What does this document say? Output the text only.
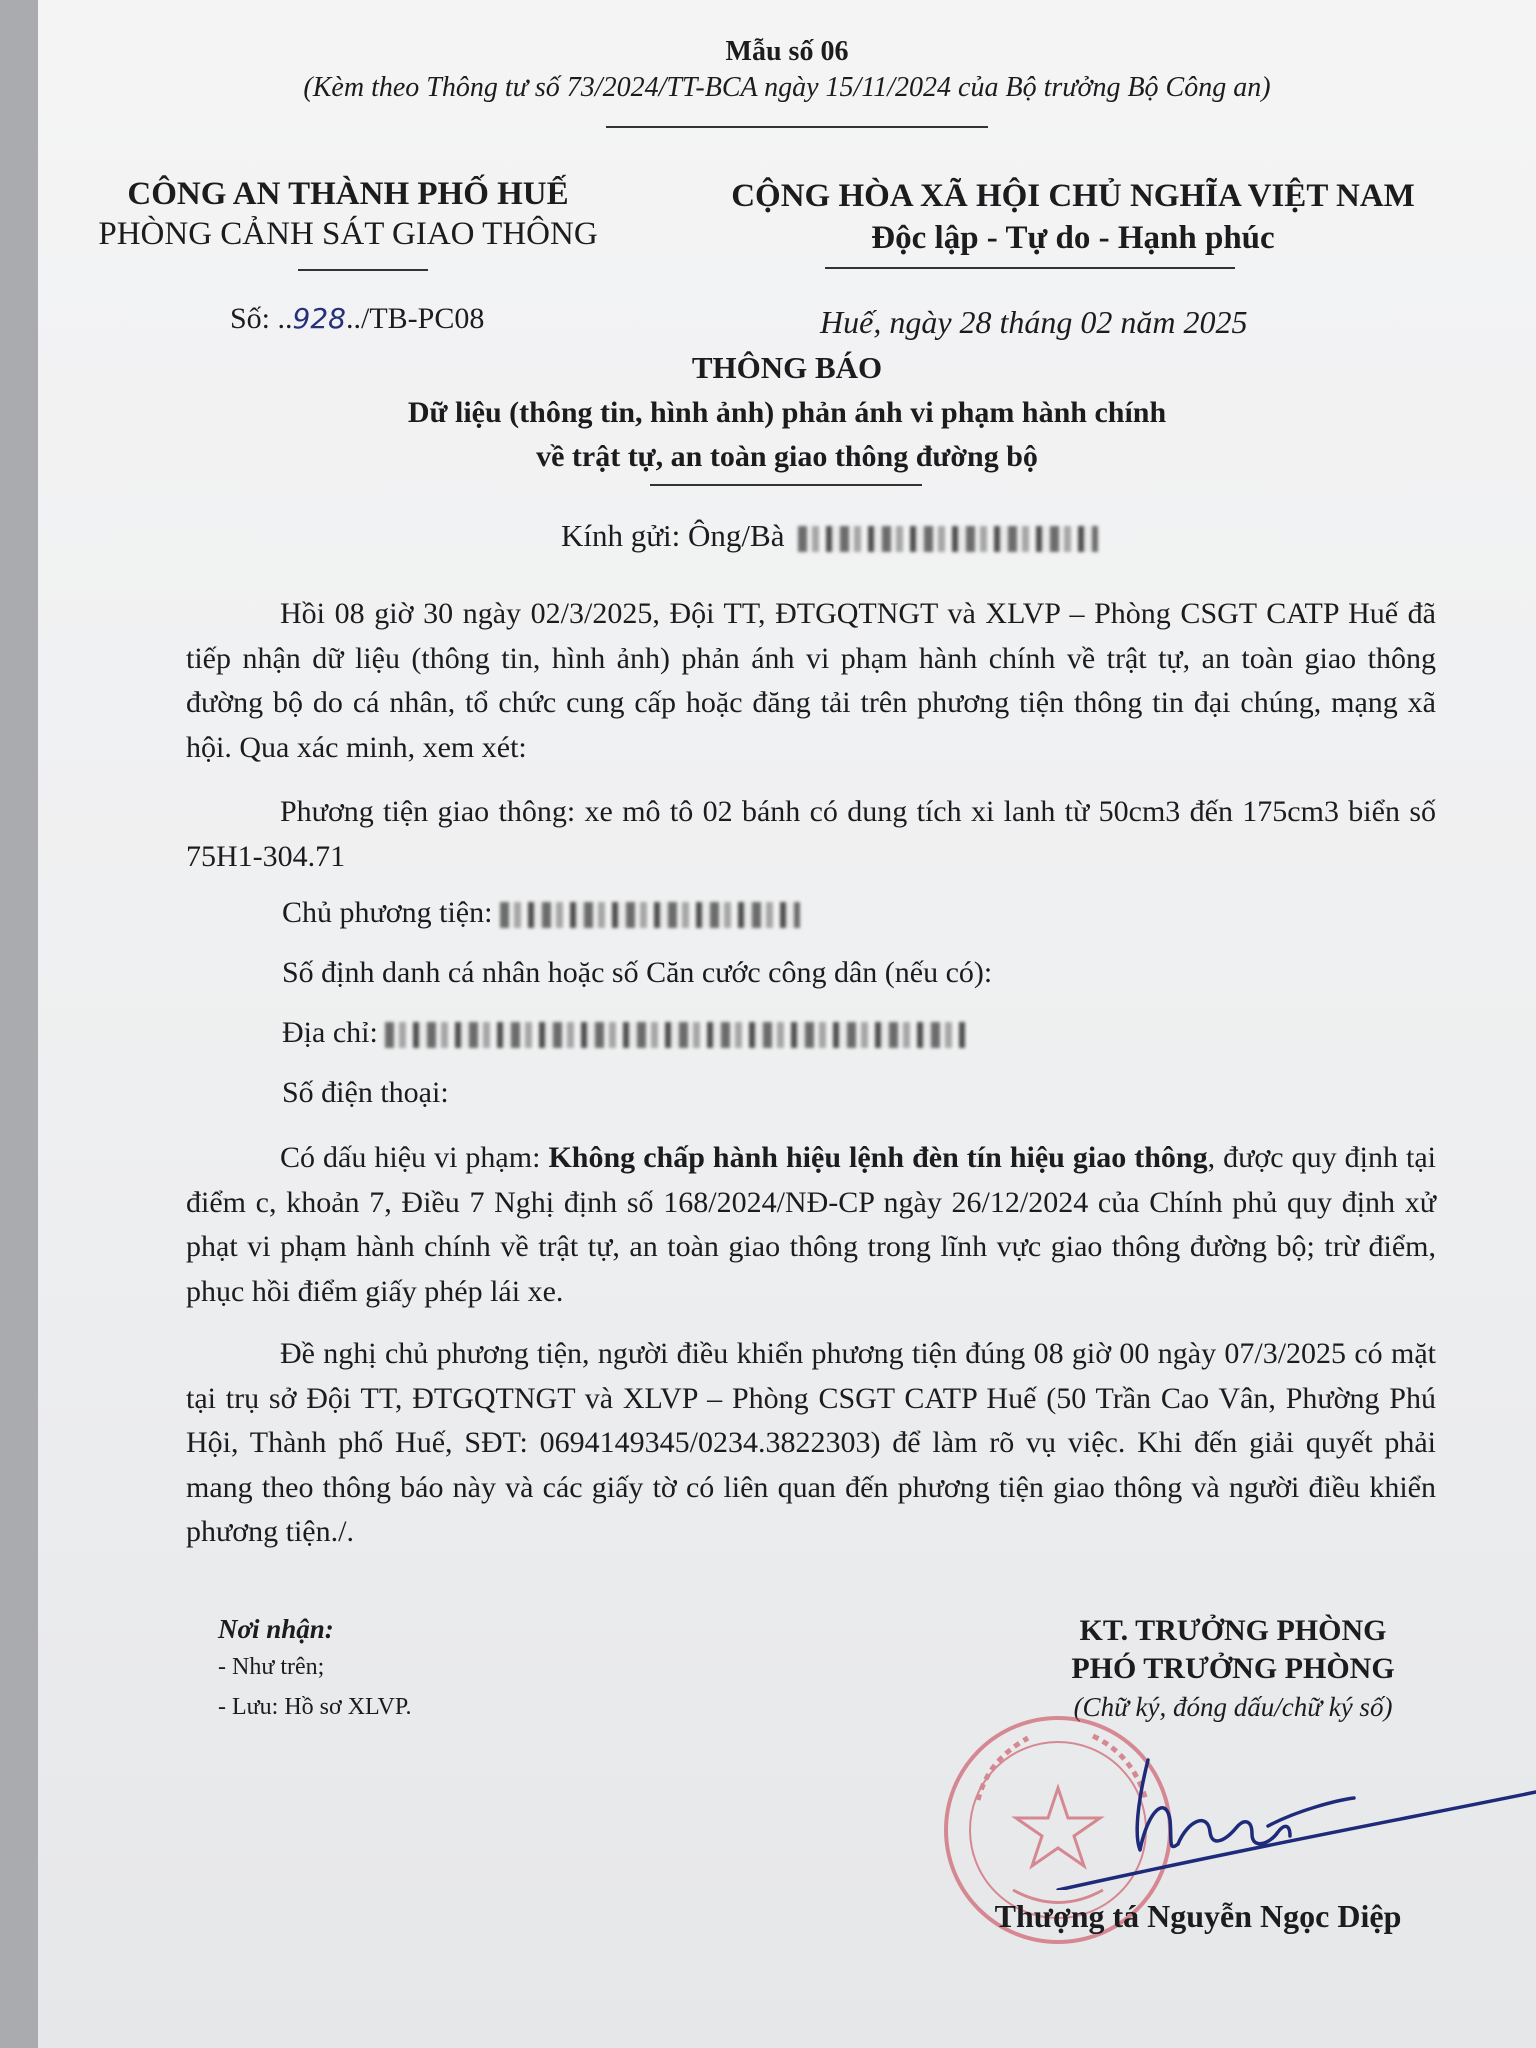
Mẫu số 06
(Kèm theo Thông tư số 73/2024/TT-BCA ngày 15/11/2024 của Bộ trưởng Bộ Công an)
CÔNG AN THÀNH PHỐ HUẾ
PHÒNG CẢNH SÁT GIAO THÔNG
CỘNG HÒA XÃ HỘI CHỦ NGHĨA VIỆT NAM
Độc lập - Tự do - Hạnh phúc
Số: ..928../TB-PC08	Huế, ngày 28 tháng 02 năm 2025
THÔNG BÁO
Dữ liệu (thông tin, hình ảnh) phản ánh vi phạm hành chính
về trật tự, an toàn giao thông đường bộ
Kính gửi: Ông/Bà

Hồi 08 giờ 30 ngày 02/3/2025, Đội TT, ĐTGQTNGT và XLVP – Phòng CSGT CATP Huế đã tiếp nhận dữ liệu (thông tin, hình ảnh) phản ánh vi phạm hành chính về trật tự, an toàn giao thông đường bộ do cá nhân, tổ chức cung cấp hoặc đăng tải trên phương tiện thông tin đại chúng, mạng xã hội. Qua xác minh, xem xét:

Phương tiện giao thông: xe mô tô 02 bánh có dung tích xi lanh từ 50cm3 đến 175cm3 biển số 75H1-304.71

Chủ phương tiện:
Số định danh cá nhân hoặc số Căn cước công dân (nếu có):
Địa chỉ:
Số điện thoại:

Có dấu hiệu vi phạm: Không chấp hành hiệu lệnh đèn tín hiệu giao thông, được quy định tại điểm c, khoản 7, Điều 7 Nghị định số 168/2024/NĐ-CP ngày 26/12/2024 của Chính phủ quy định xử phạt vi phạm hành chính về trật tự, an toàn giao thông trong lĩnh vực giao thông đường bộ; trừ điểm, phục hồi điểm giấy phép lái xe.

Đề nghị chủ phương tiện, người điều khiển phương tiện đúng 08 giờ 00 ngày 07/3/2025 có mặt tại trụ sở Đội TT, ĐTGQTNGT và XLVP – Phòng CSGT CATP Huế (50 Trần Cao Vân, Phường Phú Hội, Thành phố Huế, SĐT: 0694149345/0234.3822303) để làm rõ vụ việc. Khi đến giải quyết phải mang theo thông báo này và các giấy tờ có liên quan đến phương tiện giao thông và người điều khiển phương tiện./.

Nơi nhận:
- Như trên;
- Lưu: Hồ sơ XLVP.
KT. TRƯỞNG PHÒNG
PHÓ TRƯỞNG PHÒNG
(Chữ ký, đóng dấu/chữ ký số)
Thượng tá Nguyễn Ngọc Diệp
